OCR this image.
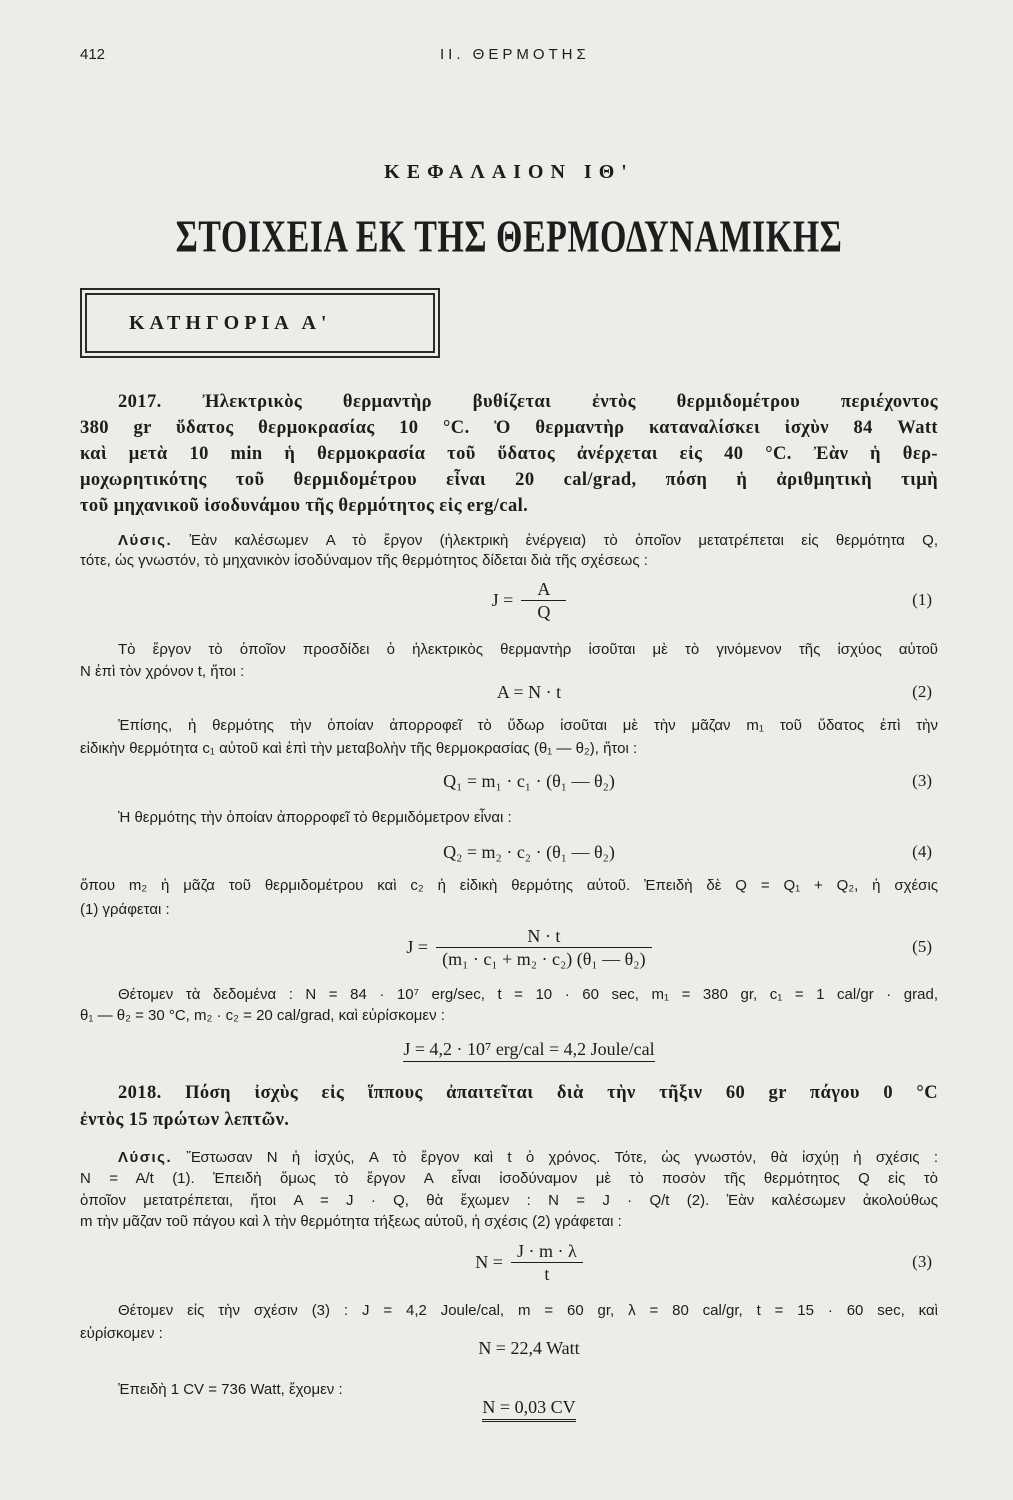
412	II. ΘΕΡΜΟΤΗΣ
ΚΕΦΑΛΑΙΟΝ ΙΘ'
ΣΤΟΙΧΕΙΑ ΕΚ ΤΗΣ ΘΕΡΜΟΔΥΝΑΜΙΚΗΣ
ΚΑΤΗΓΟΡΙΑ Α'
2017. Ἠλεκτρικὸς θερμαντὴρ βυθίζεται ἐντὸς θερμιδομέτρου περιέχοντος
380 gr ὕδατος θερμοκρασίας 10 °C. Ὁ θερμαντὴρ καταναλίσκει ἰσχὺν 84 Watt
καὶ μετὰ 10 min ἡ θερμοκρασία τοῦ ὕδατος ἀνέρχεται εἰς 40 °C. Ἐὰν ἡ θερ-
μοχωρητικότης τοῦ θερμιδομέτρου εἶναι 20 cal/grad, πόση ἡ ἀριθμητικὴ τιμὴ
τοῦ μηχανικοῦ ἰσοδυνάμου τῆς θερμότητος εἰς erg/cal.
Λύσις. Ἐὰν καλέσωμεν A τὸ ἔργον (ἠλεκτρικὴ ἐνέργεια) τὸ ὁποῖον μετατρέπεται εἰς θερμότητα Q,
τότε, ὡς γνωστόν, τὸ μηχανικὸν ἰσοδύναμον τῆς θερμότητος δίδεται διὰ τῆς σχέσεως :
$J = \frac{A}{Q}$	(1)
Τὸ ἔργον τὸ ὁποῖον προσδίδει ὁ ἠλεκτρικὸς θερμαντὴρ ἰσοῦται μὲ τὸ γινόμενον τῆς ἰσχύος αὐτοῦ
N ἐπὶ τὸν χρόνον t, ἤτοι :
A = N · t	(2)
Ἐπίσης, ἡ θερμότης τὴν ὁποίαν ἀπορροφεῖ τὸ ὕδωρ ἰσοῦται μὲ τὴν μᾶζαν m₁ τοῦ ὕδατος ἐπὶ τὴν
εἰδικὴν θερμότητα c₁ αὐτοῦ καὶ ἐπὶ τὴν μεταβολὴν τῆς θερμοκρασίας (θ₁ — θ₂), ἤτοι :
Q₁ = m₁ · c₁ · (θ₁ — θ₂)	(3)
Ἡ θερμότης τὴν ὁποίαν ἀπορροφεῖ τὸ θερμιδόμετρον εἶναι :
Q₂ = m₂ · c₂ · (θ₁ — θ₂)	(4)
ὅπου m₂ ἡ μᾶζα τοῦ θερμιδομέτρου καὶ c₂ ἡ εἰδικὴ θερμότης αὐτοῦ. Ἐπειδὴ δὲ Q = Q₁ + Q₂, ἡ σχέσις
(1) γράφεται :
$J = \frac{N \cdot t}{\text{(m₁ · c₁ + m₂ · c₂) (θ₁ — θ₂)}}$	(5)
Θέτομεν τὰ δεδομένα : N = 84 · 10⁷ erg/sec, t = 10 · 60 sec, m₁ = 380 gr, c₁ = 1 cal/gr · grad,
θ₁ — θ₂ = 30 °C, m₂ · c₂ = 20 cal/grad, καὶ εὑρίσκομεν :
J = 4,2 · 10⁷ erg/cal = 4,2 Joule/cal
2018. Πόση ἰσχὺς εἰς ἵππους ἀπαιτεῖται διὰ τὴν τῆξιν 60 gr πάγου 0 °C
ἐντὸς 15 πρώτων λεπτῶν.
Λύσις. Ἔστωσαν N ἡ ἰσχύς, A τὸ ἔργον καὶ t ὁ χρόνος. Τότε, ὡς γνωστόν, θὰ ἰσχύῃ ἡ σχέσις :
N = A/t (1). Ἐπειδὴ ὅμως τὸ ἔργον A εἶναι ἰσοδύναμον μὲ τὸ ποσὸν τῆς θερμότητος Q εἰς τὸ
ὁποῖον μετατρέπεται, ἤτοι A = J · Q, θὰ ἔχωμεν : N = J · Q/t (2). Ἐὰν καλέσωμεν ἀκολούθως
m τὴν μᾶζαν τοῦ πάγου καὶ λ τὴν θερμότητα τήξεως αὐτοῦ, ἡ σχέσις (2) γράφεται :
$N = \frac{J \cdot m \cdot \lambda}{t}$	(3)
Θέτομεν εἰς τὴν σχέσιν (3) : J = 4,2 Joule/cal, m = 60 gr, λ = 80 cal/gr, t = 15 · 60 sec, καὶ
εὑρίσκομεν :
N = 22,4 Watt
Ἐπειδὴ 1 CV = 736 Watt, ἔχομεν :
N = 0,03 CV
